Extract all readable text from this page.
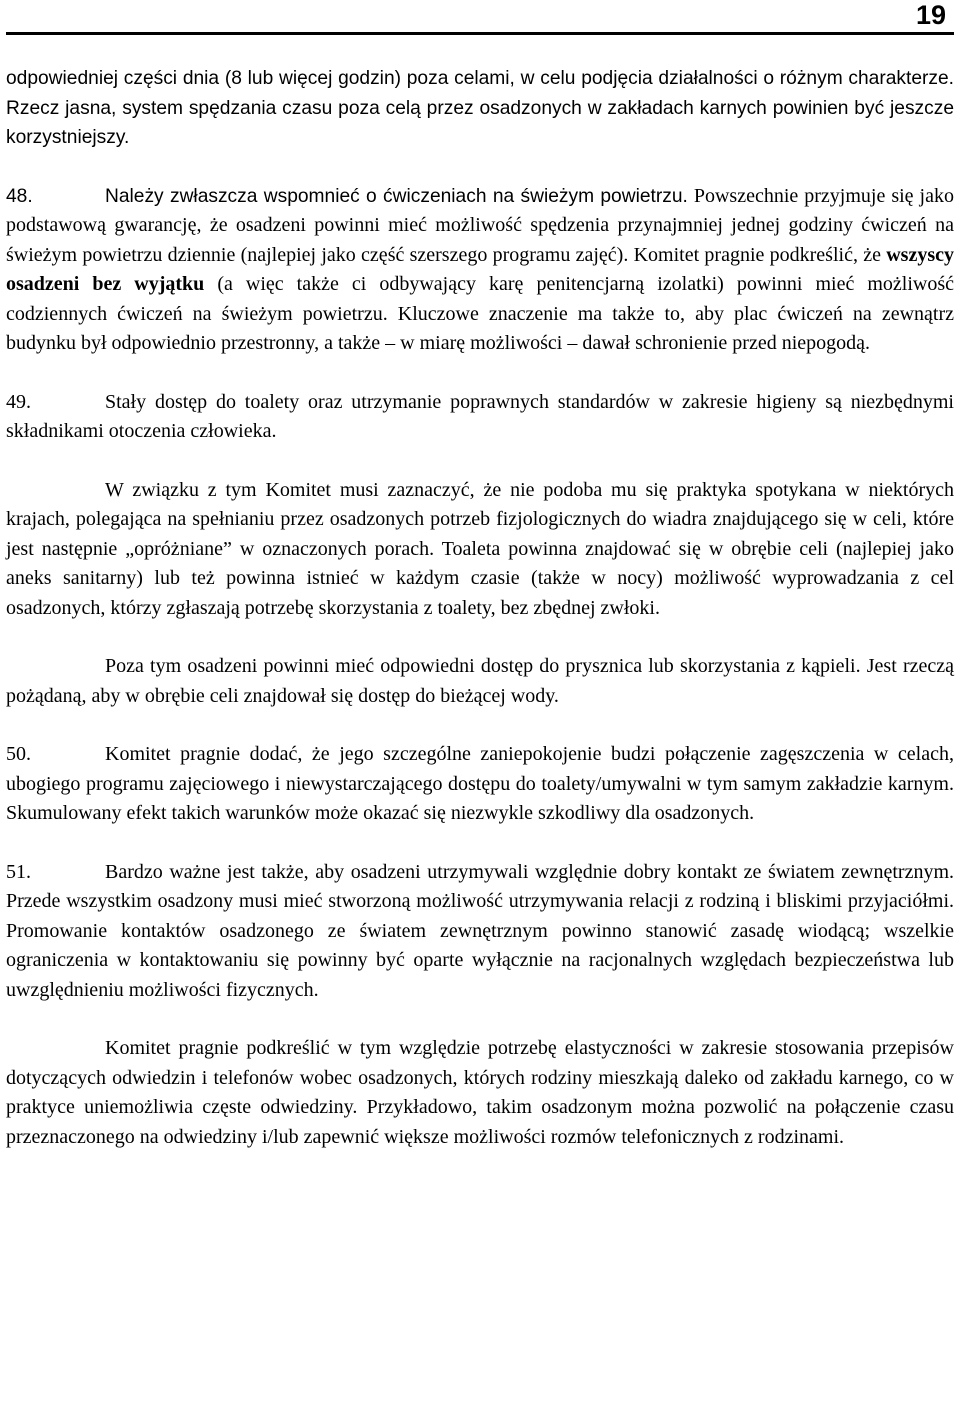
19

odpowiedniej części dnia (8 lub więcej godzin) poza celami, w celu podjęcia działalności o różnym charakterze. Rzecz jasna, system spędzania czasu poza celą przez osadzonych w zakładach karnych powinien być jeszcze korzystniejszy.

48.	Należy zwłaszcza wspomnieć o ćwiczeniach na świeżym powietrzu. Powszechnie przyjmuje się jako podstawową gwarancję, że osadzeni powinni mieć możliwość spędzenia przynajmniej jednej godziny ćwiczeń na świeżym powietrzu dziennie (najlepiej jako część szerszego programu zajęć). Komitet pragnie podkreślić, że wszyscy osadzeni bez wyjątku (a więc także ci odbywający karę penitencjarną izolatki) powinni mieć możliwość codziennych ćwiczeń na świeżym powietrzu. Kluczowe znaczenie ma także to, aby plac ćwiczeń na zewnątrz budynku był odpowiednio przestronny, a także – w miarę możliwości – dawał schronienie przed niepogodą.

49.	Stały dostęp do toalety oraz utrzymanie poprawnych standardów w zakresie higieny są niezbędnymi składnikami otoczenia człowieka.

W związku z tym Komitet musi zaznaczyć, że nie podoba mu się praktyka spotykana w niektórych krajach, polegająca na spełnianiu przez osadzonych potrzeb fizjologicznych do wiadra znajdującego się w celi, które jest następnie „opróżniane” w oznaczonych porach. Toaleta powinna znajdować się w obrębie celi (najlepiej jako aneks sanitarny) lub też powinna istnieć w każdym czasie (także w nocy) możliwość wyprowadzania z cel osadzonych, którzy zgłaszają potrzebę skorzystania z toalety, bez zbędnej zwłoki.

Poza tym osadzeni powinni mieć odpowiedni dostęp do prysznica lub skorzystania z kąpieli. Jest rzeczą pożądaną, aby w obrębie celi znajdował się dostęp do bieżącej wody.

50.	Komitet pragnie dodać, że jego szczególne zaniepokojenie budzi połączenie zagęszczenia w celach, ubogiego programu zajęciowego i niewystarczającego dostępu do toalety/umywalni w tym samym zakładzie karnym. Skumulowany efekt takich warunków może okazać się niezwykle szkodliwy dla osadzonych.

51.	Bardzo ważne jest także, aby osadzeni utrzymywali względnie dobry kontakt ze światem zewnętrznym. Przede wszystkim osadzony musi mieć stworzoną możliwość utrzymywania relacji z rodziną i bliskimi przyjaciółmi. Promowanie kontaktów osadzonego ze światem zewnętrznym powinno stanowić zasadę wiodącą; wszelkie ograniczenia w kontaktowaniu się powinny być oparte wyłącznie na racjonalnych względach bezpieczeństwa lub uwzględnieniu możliwości fizycznych.

Komitet pragnie podkreślić w tym względzie potrzebę elastyczności w zakresie stosowania przepisów dotyczących odwiedzin i telefonów wobec osadzonych, których rodziny mieszkają daleko od zakładu karnego, co w praktyce uniemożliwia częste odwiedziny. Przykładowo, takim osadzonym można pozwolić na połączenie czasu przeznaczonego na odwiedziny i/lub zapewnić większe możliwości rozmów telefonicznych z rodzinami.
